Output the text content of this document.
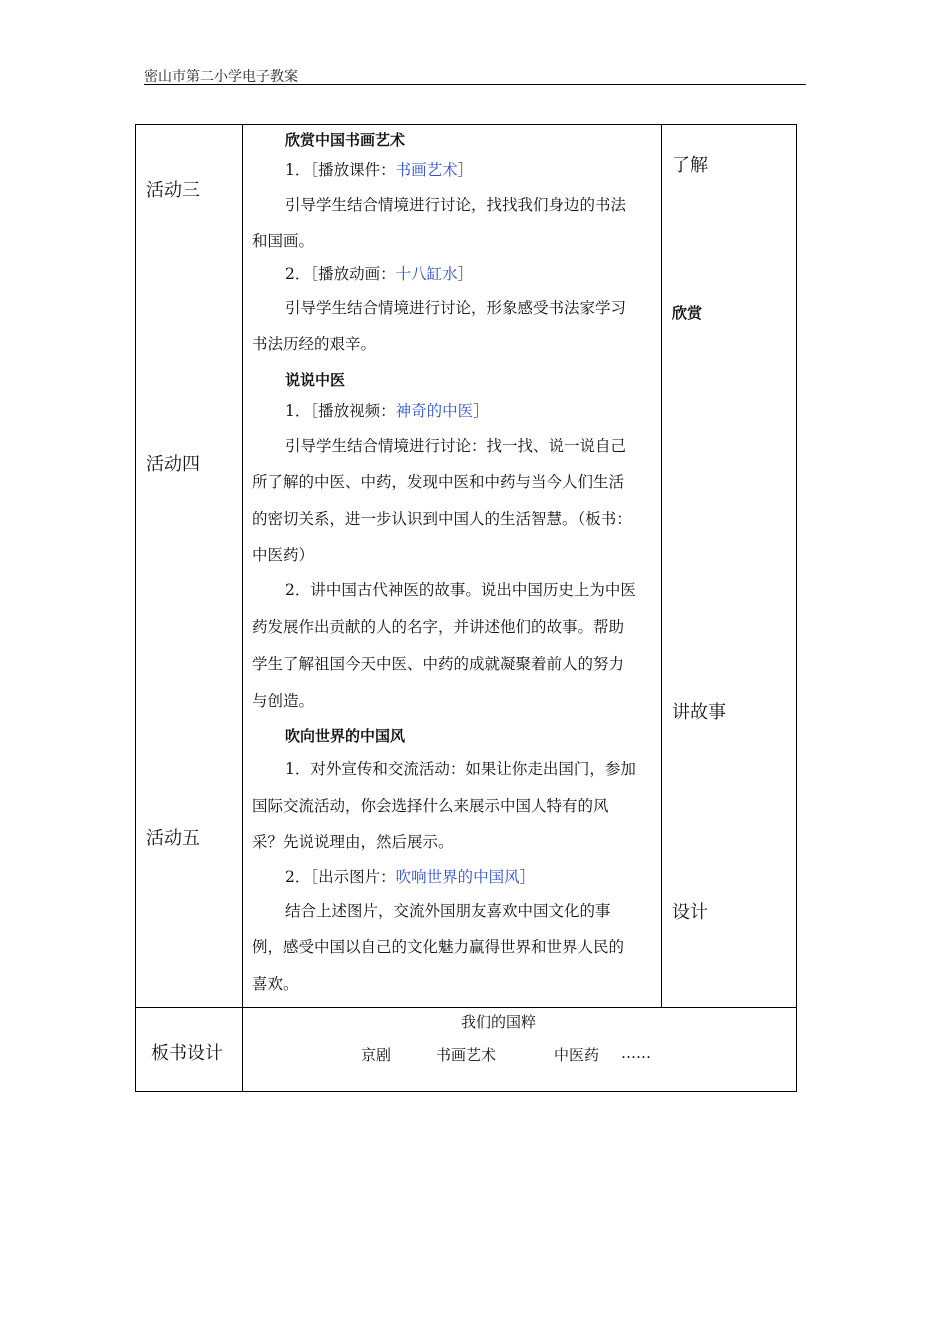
密山市第二小学电子教案
活动三
活动四
活动五
板书设计
了解
欣赏
讲故事
设计
欣赏中国书画艺术
1．［播放课件：书画艺术］
引导学生结合情境进行讨论，找找我们身边的书法
和国画。
2．［播放动画：十八缸水］
引导学生结合情境进行讨论，形象感受书法家学习
书法历经的艰辛。
说说中医
1．［播放视频：神奇的中医］
引导学生结合情境进行讨论：找一找、说一说自己
所了解的中医、中药，发现中医和中药与当今人们生活
的密切关系，进一步认识到中国人的生活智慧。（板书：
中医药）
2．讲中国古代神医的故事。说出中国历史上为中医
药发展作出贡献的人的名字，并讲述他们的故事。帮助
学生了解祖国今天中医、中药的成就凝聚着前人的努力
与创造。
吹向世界的中国风
1．对外宣传和交流活动：如果让你走出国门，参加
国际交流活动，你会选择什么来展示中国人特有的风
采？先说说理由，然后展示。
2．［出示图片：吹响世界的中国风］
结合上述图片，交流外国朋友喜欢中国文化的事
例，感受中国以自己的文化魅力赢得世界和世界人民的
喜欢。
我们的国粹
京剧	书画艺术	中医药 ……
